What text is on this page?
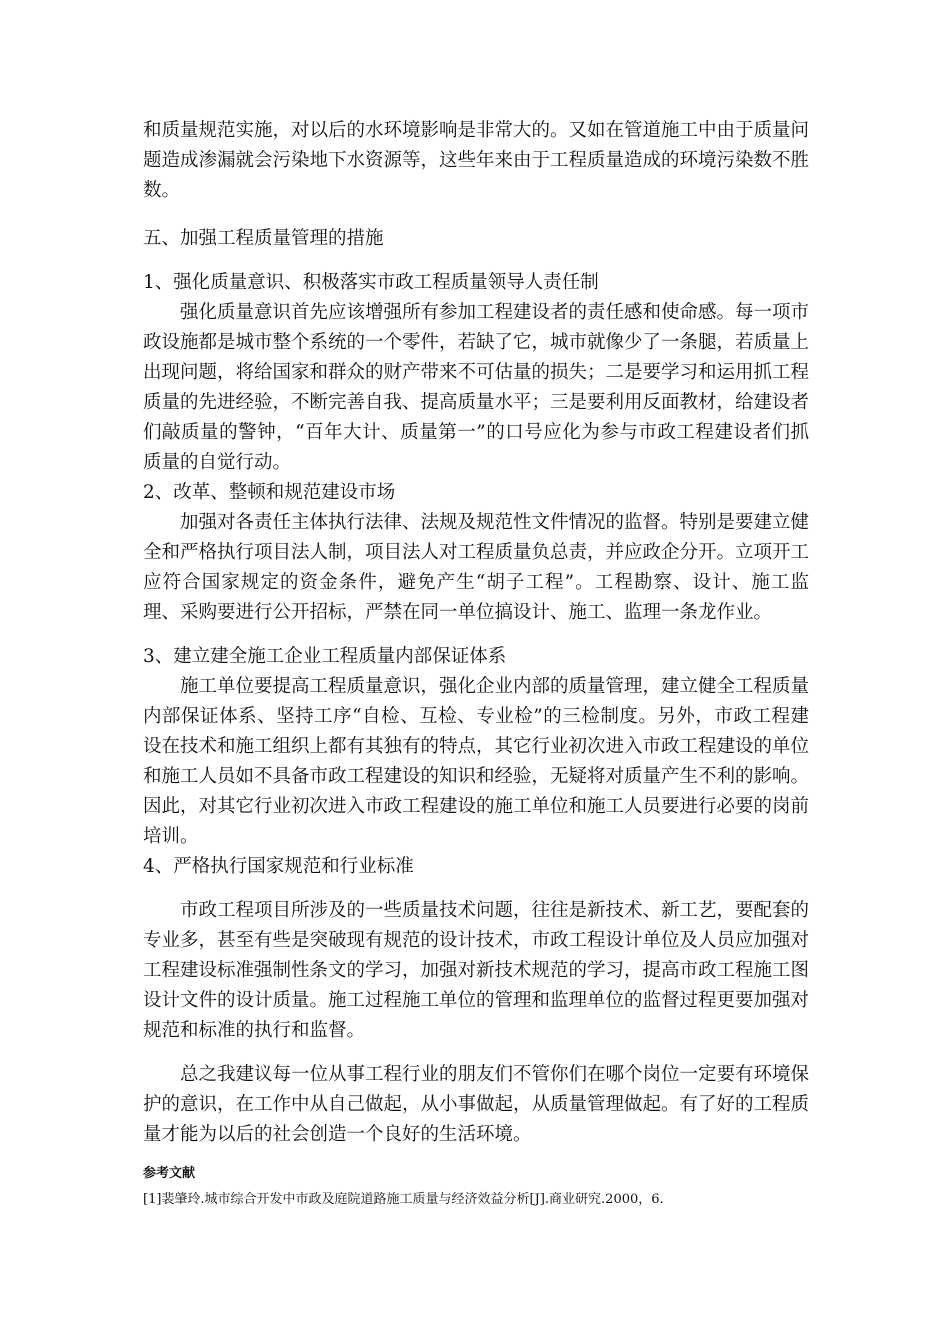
和质量规范实施，对以后的水环境影响是非常大的。又如在管道施工中由于质量问题造成渗漏就会污染地下水资源等，这些年来由于工程质量造成的环境污染数不胜数。

五、加强工程质量管理的措施

1、强化质量意识、积极落实市政工程质量领导人责任制

强化质量意识首先应该增强所有参加工程建设者的责任感和使命感。每一项市政设施都是城市整个系统的一个零件，若缺了它，城市就像少了一条腿，若质量上出现问题，将给国家和群众的财产带来不可估量的损失；二是要学习和运用抓工程质量的先进经验，不断完善自我、提高质量水平；三是要利用反面教材，给建设者们敲质量的警钟，“百年大计、质量第一”的口号应化为参与市政工程建设者们抓质量的自觉行动。

2、改革、整顿和规范建设市场

加强对各责任主体执行法律、法规及规范性文件情况的监督。特别是要建立健全和严格执行项目法人制，项目法人对工程质量负总责，并应政企分开。立项开工应符合国家规定的资金条件，避免产生“胡子工程”。工程勘察、设计、施工监理、采购要进行公开招标，严禁在同一单位搞设计、施工、监理一条龙作业。

3、建立建全施工企业工程质量内部保证体系

施工单位要提高工程质量意识，强化企业内部的质量管理，建立健全工程质量内部保证体系、坚持工序“自检、互检、专业检”的三检制度。另外，市政工程建设在技术和施工组织上都有其独有的特点，其它行业初次进入市政工程建设的单位和施工人员如不具备市政工程建设的知识和经验，无疑将对质量产生不利的影响。因此，对其它行业初次进入市政工程建设的施工单位和施工人员要进行必要的岗前培训。

4、严格执行国家规范和行业标准

市政工程项目所涉及的一些质量技术问题，往往是新技术、新工艺，要配套的专业多，甚至有些是突破现有规范的设计技术，市政工程设计单位及人员应加强对工程建设标准强制性条文的学习，加强对新技术规范的学习，提高市政工程施工图设计文件的设计质量。施工过程施工单位的管理和监理单位的监督过程更要加强对规范和标准的执行和监督。

总之我建议每一位从事工程行业的朋友们不管你们在哪个岗位一定要有环境保护的意识，在工作中从自己做起，从小事做起，从质量管理做起。有了好的工程质量才能为以后的社会创造一个良好的生活环境。

参考文献
[1]裴肇玲.城市综合开发中市政及庭院道路施工质量与经济效益分析[J].商业研究.2000，6.
